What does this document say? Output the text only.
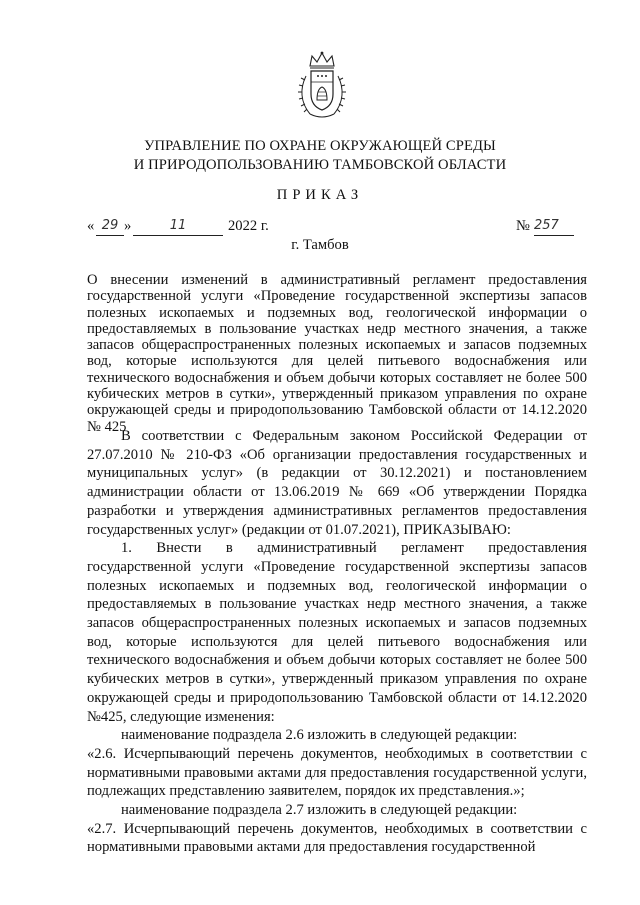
УПРАВЛЕНИЕ ПО ОХРАНЕ ОКРУЖАЮЩЕЙ СРЕДЫ
И ПРИРОДОПОЛЬЗОВАНИЮ ТАМБОВСКОЙ ОБЛАСТИ
ПРИКАЗ
« 29 »	11	2022 г.	№ 257
г. Тамбов
О внесении изменений в административный регламент предоставления государственной услуги «Проведение государственной экспертизы запасов полезных ископаемых и подземных вод, геологической информации о предоставляемых в пользование участках недр местного значения, а также запасов общераспространенных полезных ископаемых и запасов подземных вод, которые используются для целей питьевого водоснабжения или технического водоснабжения и объем добычи которых составляет не более 500 кубических метров в сутки», утвержденный приказом управления по охране окружающей среды и природопользованию Тамбовской области от 14.12.2020 № 425

В соответствии с Федеральным законом Российской Федерации от 27.07.2010 № 210-ФЗ «Об организации предоставления государственных и муниципальных услуг» (в редакции от 30.12.2021) и постановлением администрации области от 13.06.2019 № 669 «Об утверждении Порядка разработки и утверждения административных регламентов предоставления государственных услуг» (редакции от 01.07.2021), ПРИКАЗЫВАЮ:

1. Внести в административный регламент предоставления государственной услуги «Проведение государственной экспертизы запасов полезных ископаемых и подземных вод, геологической информации о предоставляемых в пользование участках недр местного значения, а также запасов общераспространенных полезных ископаемых и запасов подземных вод, которые используются для целей питьевого водоснабжения или технического водоснабжения и объем добычи которых составляет не более 500 кубических метров в сутки», утвержденный приказом управления по охране окружающей среды и природопользованию Тамбовской области от 14.12.2020 №425, следующие изменения:

наименование подраздела 2.6 изложить в следующей редакции:

«2.6. Исчерпывающий перечень документов, необходимых в соответствии с нормативными правовыми актами для предоставления государственной услуги, подлежащих представлению заявителем, порядок их представления.»;

наименование подраздела 2.7 изложить в следующей редакции:

«2.7. Исчерпывающий перечень документов, необходимых в соответствии с нормативными правовыми актами для предоставления государственной
